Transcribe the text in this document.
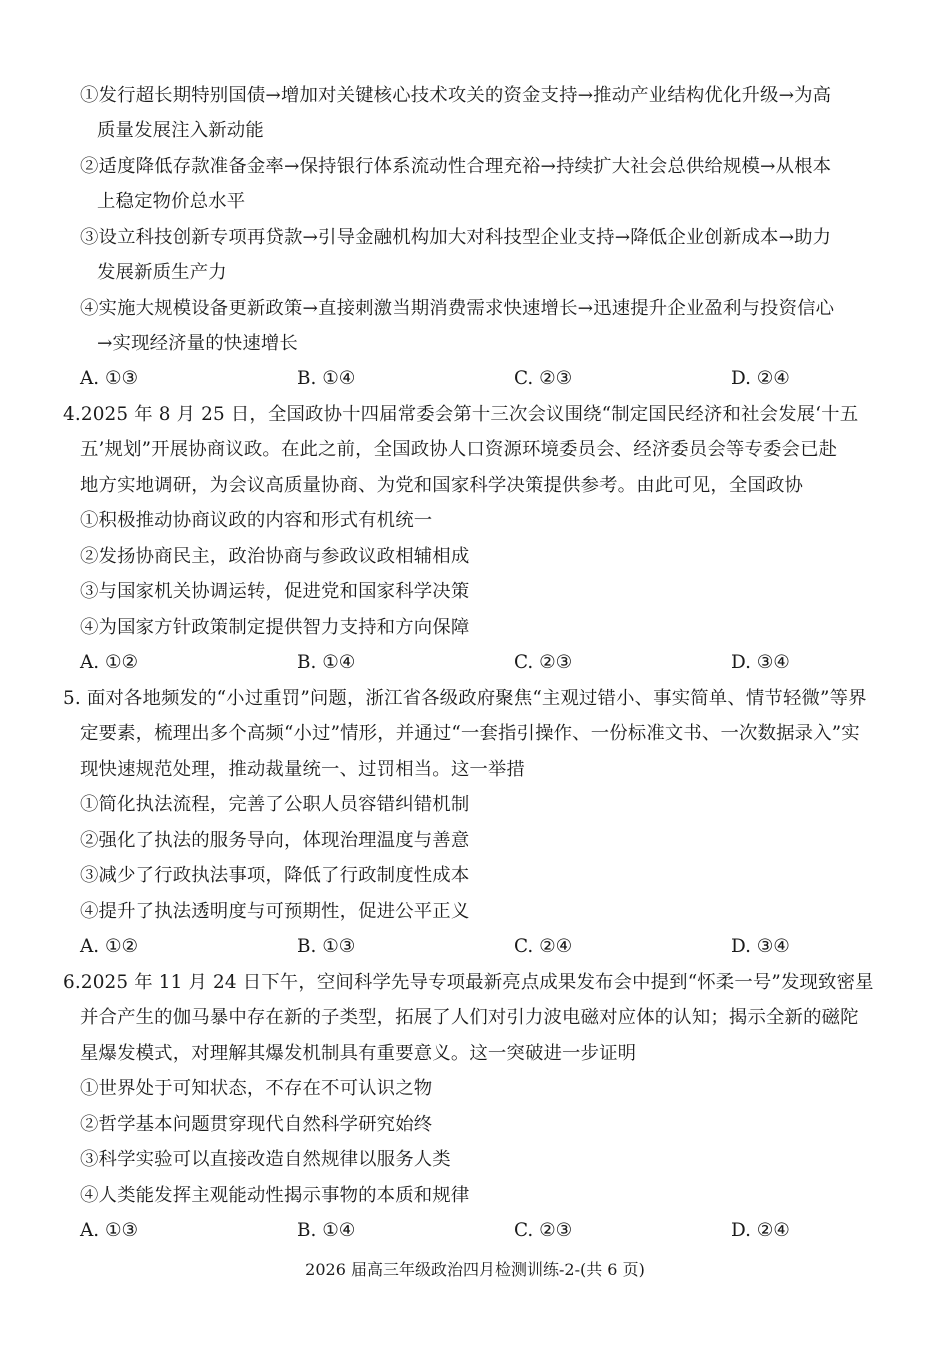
①发行超长期特别国债→增加对关键核心技术攻关的资金支持→推动产业结构优化升级→为高
质量发展注入新动能
②适度降低存款准备金率→保持银行体系流动性合理充裕→持续扩大社会总供给规模→从根本
上稳定物价总水平
③设立科技创新专项再贷款→引导金融机构加大对科技型企业支持→降低企业创新成本→助力
发展新质生产力
④实施大规模设备更新政策→直接刺激当期消费需求快速增长→迅速提升企业盈利与投资信心
→实现经济量的快速增长
A. ①③	B. ①④	C. ②③	D. ②④
4.2025 年 8 月 25 日，全国政协十四届常委会第十三次会议围绕“制定国民经济和社会发展‘十五
五’规划”开展协商议政。在此之前，全国政协人口资源环境委员会、经济委员会等专委会已赴
地方实地调研，为会议高质量协商、为党和国家科学决策提供参考。由此可见，全国政协
①积极推动协商议政的内容和形式有机统一
②发扬协商民主，政治协商与参政议政相辅相成
③与国家机关协调运转，促进党和国家科学决策
④为国家方针政策制定提供智力支持和方向保障
A. ①②	B. ①④	C. ②③	D. ③④
5. 面对各地频发的“小过重罚”问题，浙江省各级政府聚焦“主观过错小、事实简单、情节轻微”等界
定要素，梳理出多个高频“小过”情形，并通过“一套指引操作、一份标准文书、一次数据录入”实
现快速规范处理，推动裁量统一、过罚相当。这一举措
①简化执法流程，完善了公职人员容错纠错机制
②强化了执法的服务导向，体现治理温度与善意
③减少了行政执法事项，降低了行政制度性成本
④提升了执法透明度与可预期性，促进公平正义
A. ①②	B. ①③	C. ②④	D. ③④
6.2025 年 11 月 24 日下午，空间科学先导专项最新亮点成果发布会中提到“怀柔一号”发现致密星
并合产生的伽马暴中存在新的子类型，拓展了人们对引力波电磁对应体的认知；揭示全新的磁陀
星爆发模式，对理解其爆发机制具有重要意义。这一突破进一步证明
①世界处于可知状态，不存在不可认识之物
②哲学基本问题贯穿现代自然科学研究始终
③科学实验可以直接改造自然规律以服务人类
④人类能发挥主观能动性揭示事物的本质和规律
A. ①③	B. ①④	C. ②③	D. ②④
2026 届高三年级政治四月检测训练-2-(共 6 页)
